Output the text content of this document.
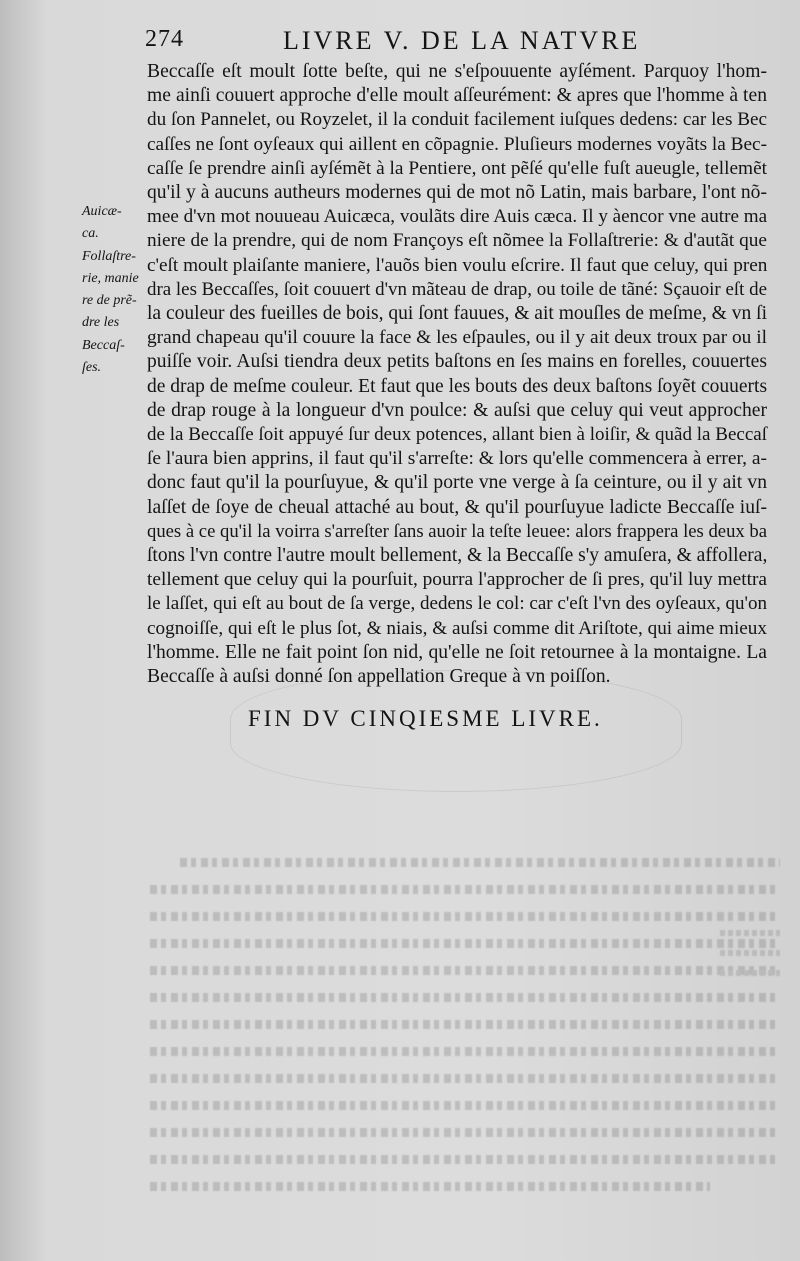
274	LIVRE V. DE LA NATVRE
Auicæ-
ca.
Follaſtre-
rie, manie
re de prẽ-
dre les
Beccaſ-
ſes.
Beccaſſe eſt moult ſotte beſte, qui ne s'eſpouuente ayſément. Parquoy l'hom-
me ainſi couuert approche d'elle moult aſſeurément: & apres que l'homme à ten
du ſon Pannelet, ou Royzelet, il la conduit facilement iuſques dedens: car les Bec
caſſes ne ſont oyſeaux qui aillent en cõpagnie. Pluſieurs modernes voyãts la Bec-
caſſe ſe prendre ainſi ayſémẽt à la Pentiere, ont pẽſé qu'elle fuſt aueugle, tellemẽt
qu'il y à aucuns autheurs modernes qui de mot nõ Latin, mais barbare, l'ont nõ-
mee d'vn mot nouueau Auicæca, voulãts dire Auis cæca. Il y àencor vne autre ma
niere de la prendre, qui de nom Françoys eſt nõmee la Follaſtrerie: & d'autãt que
c'eſt moult plaiſante maniere, l'auõs bien voulu eſcrire. Il faut que celuy, qui pren
dra les Beccaſſes, ſoit couuert d'vn mãteau de drap, ou toile de tãné: Sçauoir eſt de
la couleur des fueilles de bois, qui ſont fauues, & ait mouſles de meſme, & vn ſi
grand chapeau qu'il couure la face & les eſpaules, ou il y ait deux troux par ou il
puiſſe voir. Auſsi tiendra deux petits baſtons en ſes mains en forelles, couuertes
de drap de meſme couleur. Et faut que les bouts des deux baſtons ſoyẽt couuerts
de drap rouge à la longueur d'vn poulce: & auſsi que celuy qui veut approcher
de la Beccaſſe ſoit appuyé ſur deux potences, allant bien à loiſir, & quãd la Beccaſ
ſe l'aura bien apprins, il faut qu'il s'arreſte: & lors qu'elle commencera à errer, a-
donc faut qu'il la pourſuyue, & qu'il porte vne verge à ſa ceinture, ou il y ait vn
laſſet de ſoye de cheual attaché au bout, & qu'il pourſuyue ladicte Beccaſſe iuſ-
ques à ce qu'il la voirra s'arreſter ſans auoir la teſte leuee: alors frappera les deux ba
ſtons l'vn contre l'autre moult bellement, & la Beccaſſe s'y amuſera, & affollera,
tellement que celuy qui la pourſuit, pourra l'approcher de ſi pres, qu'il luy mettra
le laſſet, qui eſt au bout de ſa verge, dedens le col: car c'eſt l'vn des oyſeaux, qu'on
cognoiſſe, qui eſt le plus ſot, & niais, & auſsi comme dit Ariſtote, qui aime mieux
l'homme. Elle ne fait point ſon nid, qu'elle ne ſoit retournee à la montaigne. La
Beccaſſe à auſsi donné ſon appellation Greque à vn poiſſon.
FIN DV CINQIESME LIVRE.
